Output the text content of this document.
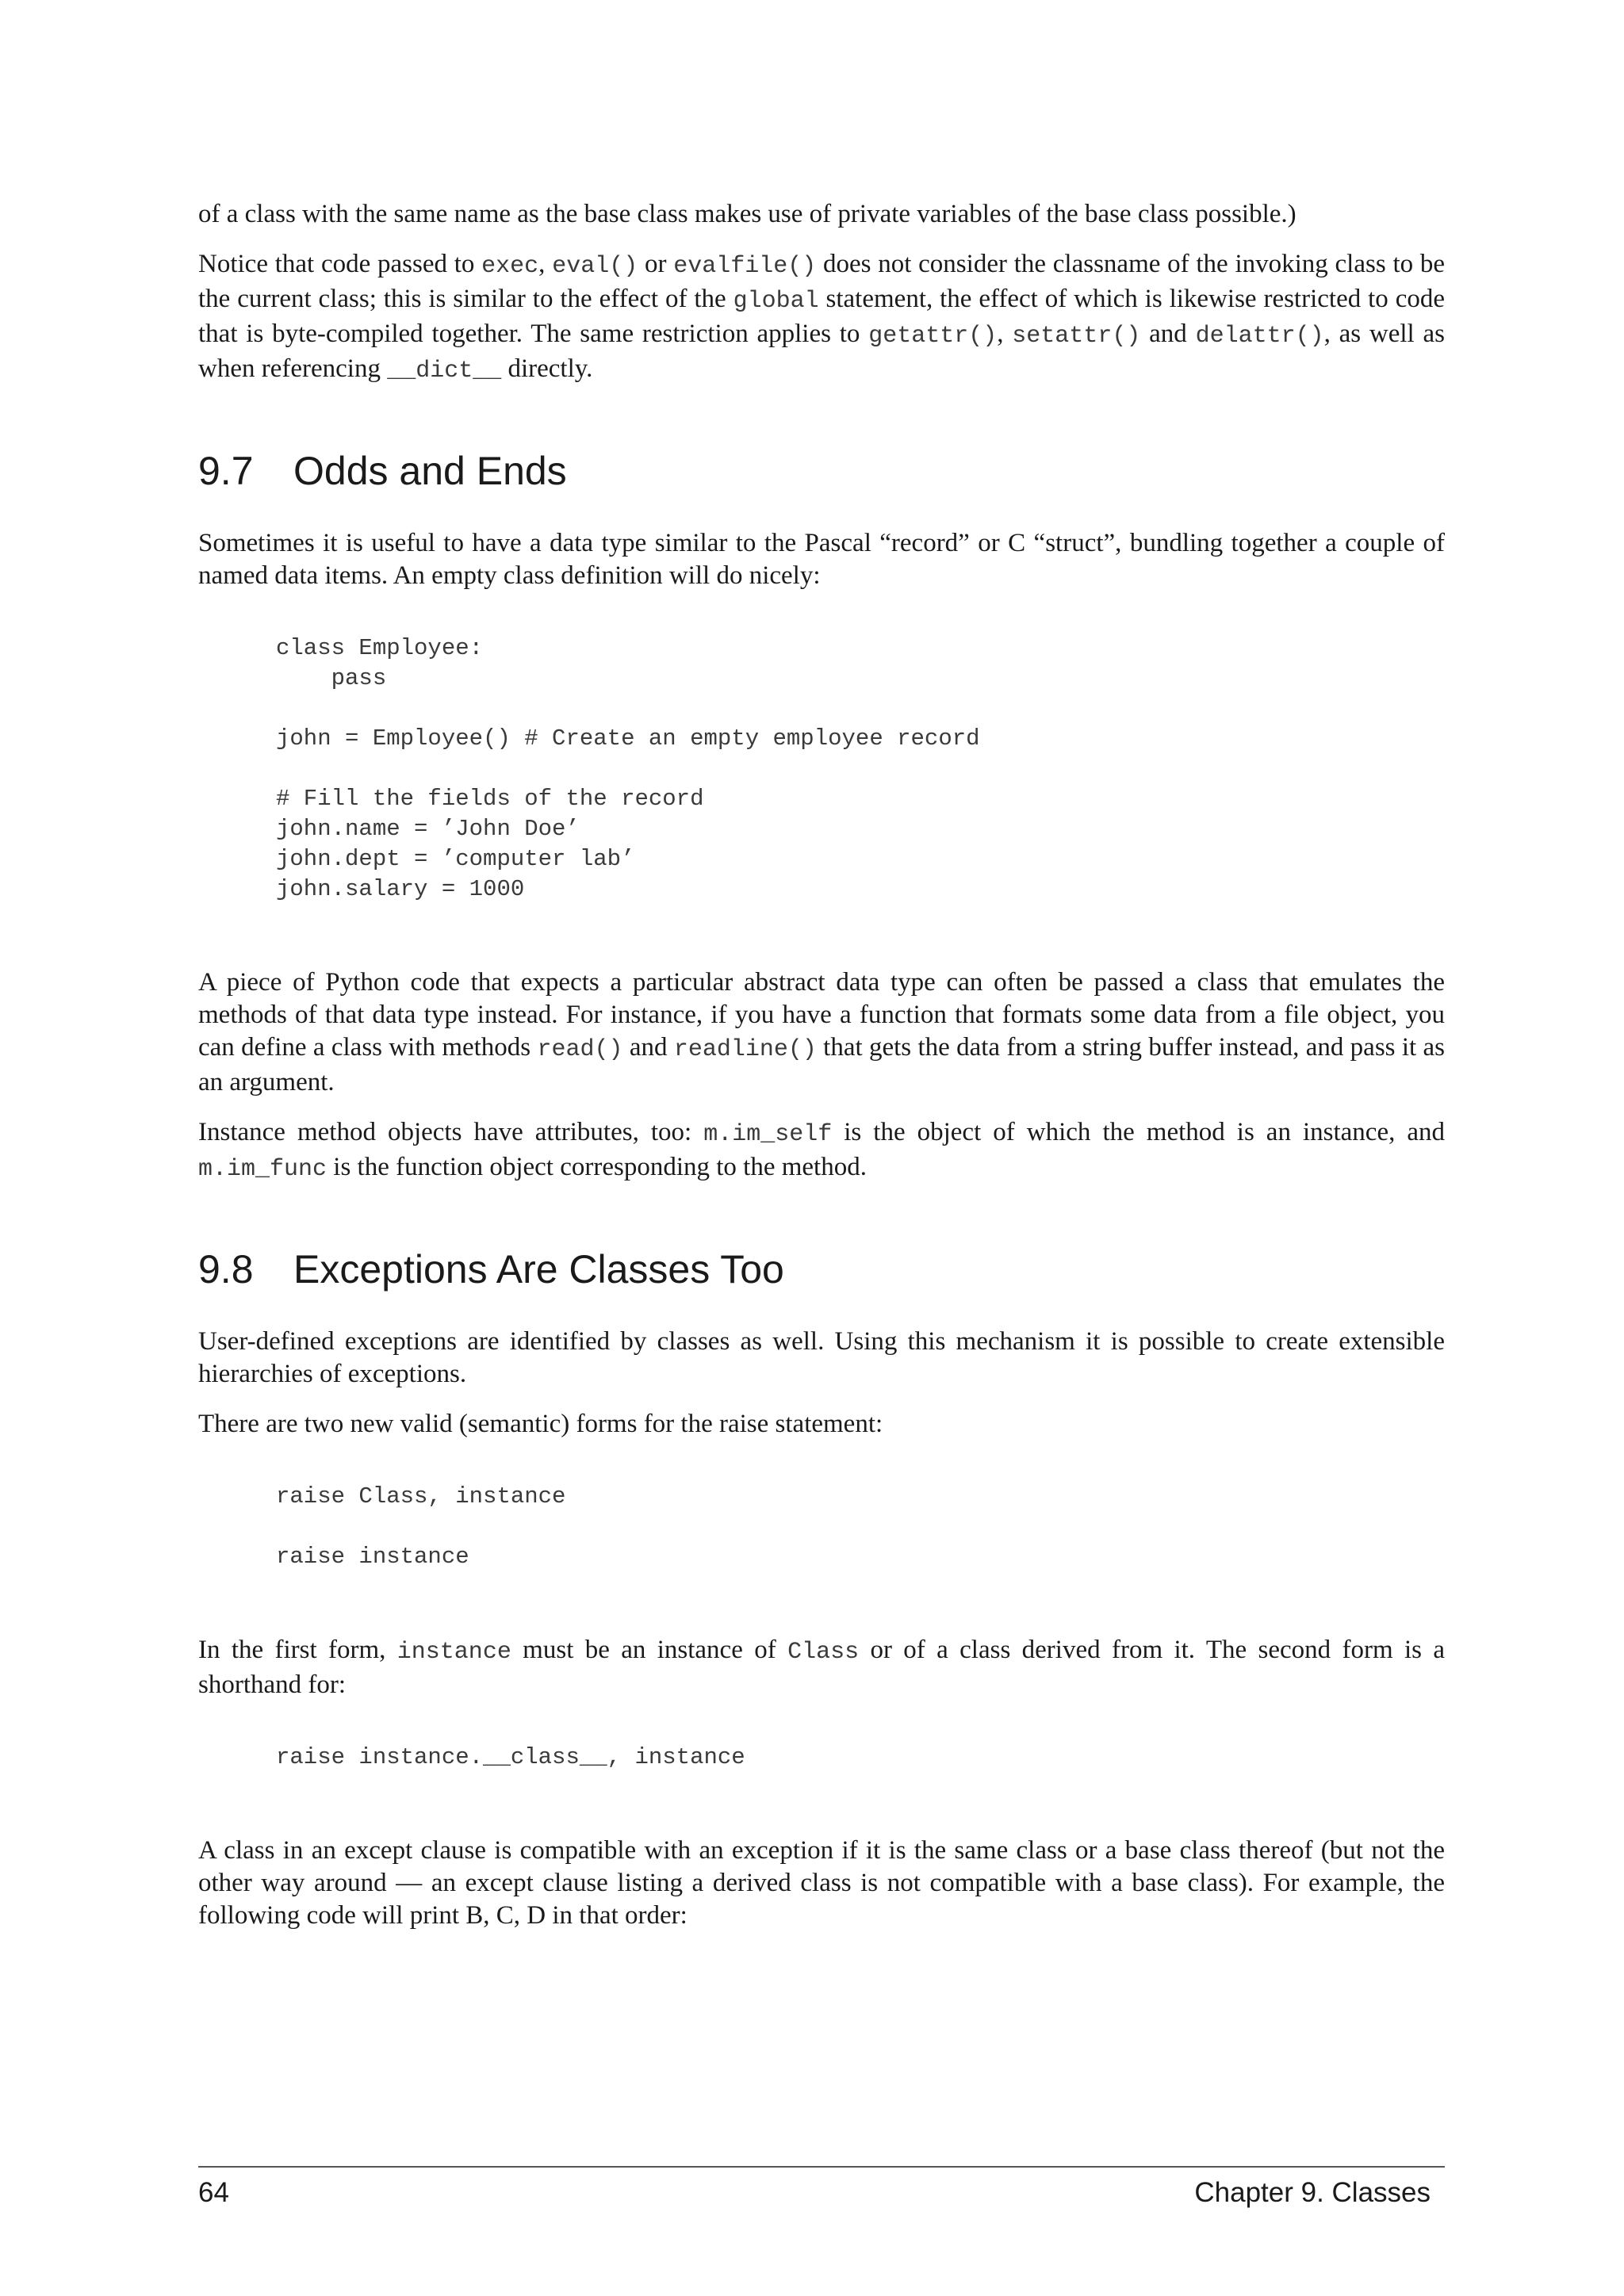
of a class with the same name as the base class makes use of private variables of the base class possible.)

Notice that code passed to exec, eval() or evalfile() does not consider the classname of the invoking class to be the current class; this is similar to the effect of the global statement, the effect of which is likewise restricted to code that is byte-compiled together. The same restriction applies to getattr(), setattr() and delattr(), as well as when referencing __dict__ directly.

9.7 Odds and Ends

Sometimes it is useful to have a data type similar to the Pascal “record” or C “struct”, bundling together a couple of named data items. An empty class definition will do nicely:

class Employee:
pass

john = Employee() # Create an empty employee record

# Fill the fields of the record
john.name = ’John Doe’
john.dept = ’computer lab’
john.salary = 1000

A piece of Python code that expects a particular abstract data type can often be passed a class that emulates the methods of that data type instead. For instance, if you have a function that formats some data from a file object, you can define a class with methods read() and readline() that gets the data from a string buffer instead, and pass it as an argument.

Instance method objects have attributes, too: m.im_self is the object of which the method is an instance, and m.im_func is the function object corresponding to the method.

9.8 Exceptions Are Classes Too

User-defined exceptions are identified by classes as well. Using this mechanism it is possible to create extensible hierarchies of exceptions.

There are two new valid (semantic) forms for the raise statement:

raise Class, instance

raise instance

In the first form, instance must be an instance of Class or of a class derived from it. The second form is a shorthand for:

raise instance.__class__, instance

A class in an except clause is compatible with an exception if it is the same class or a base class thereof (but not the other way around — an except clause listing a derived class is not compatible with a base class). For example, the following code will print B, C, D in that order:

64	Chapter 9. Classes
